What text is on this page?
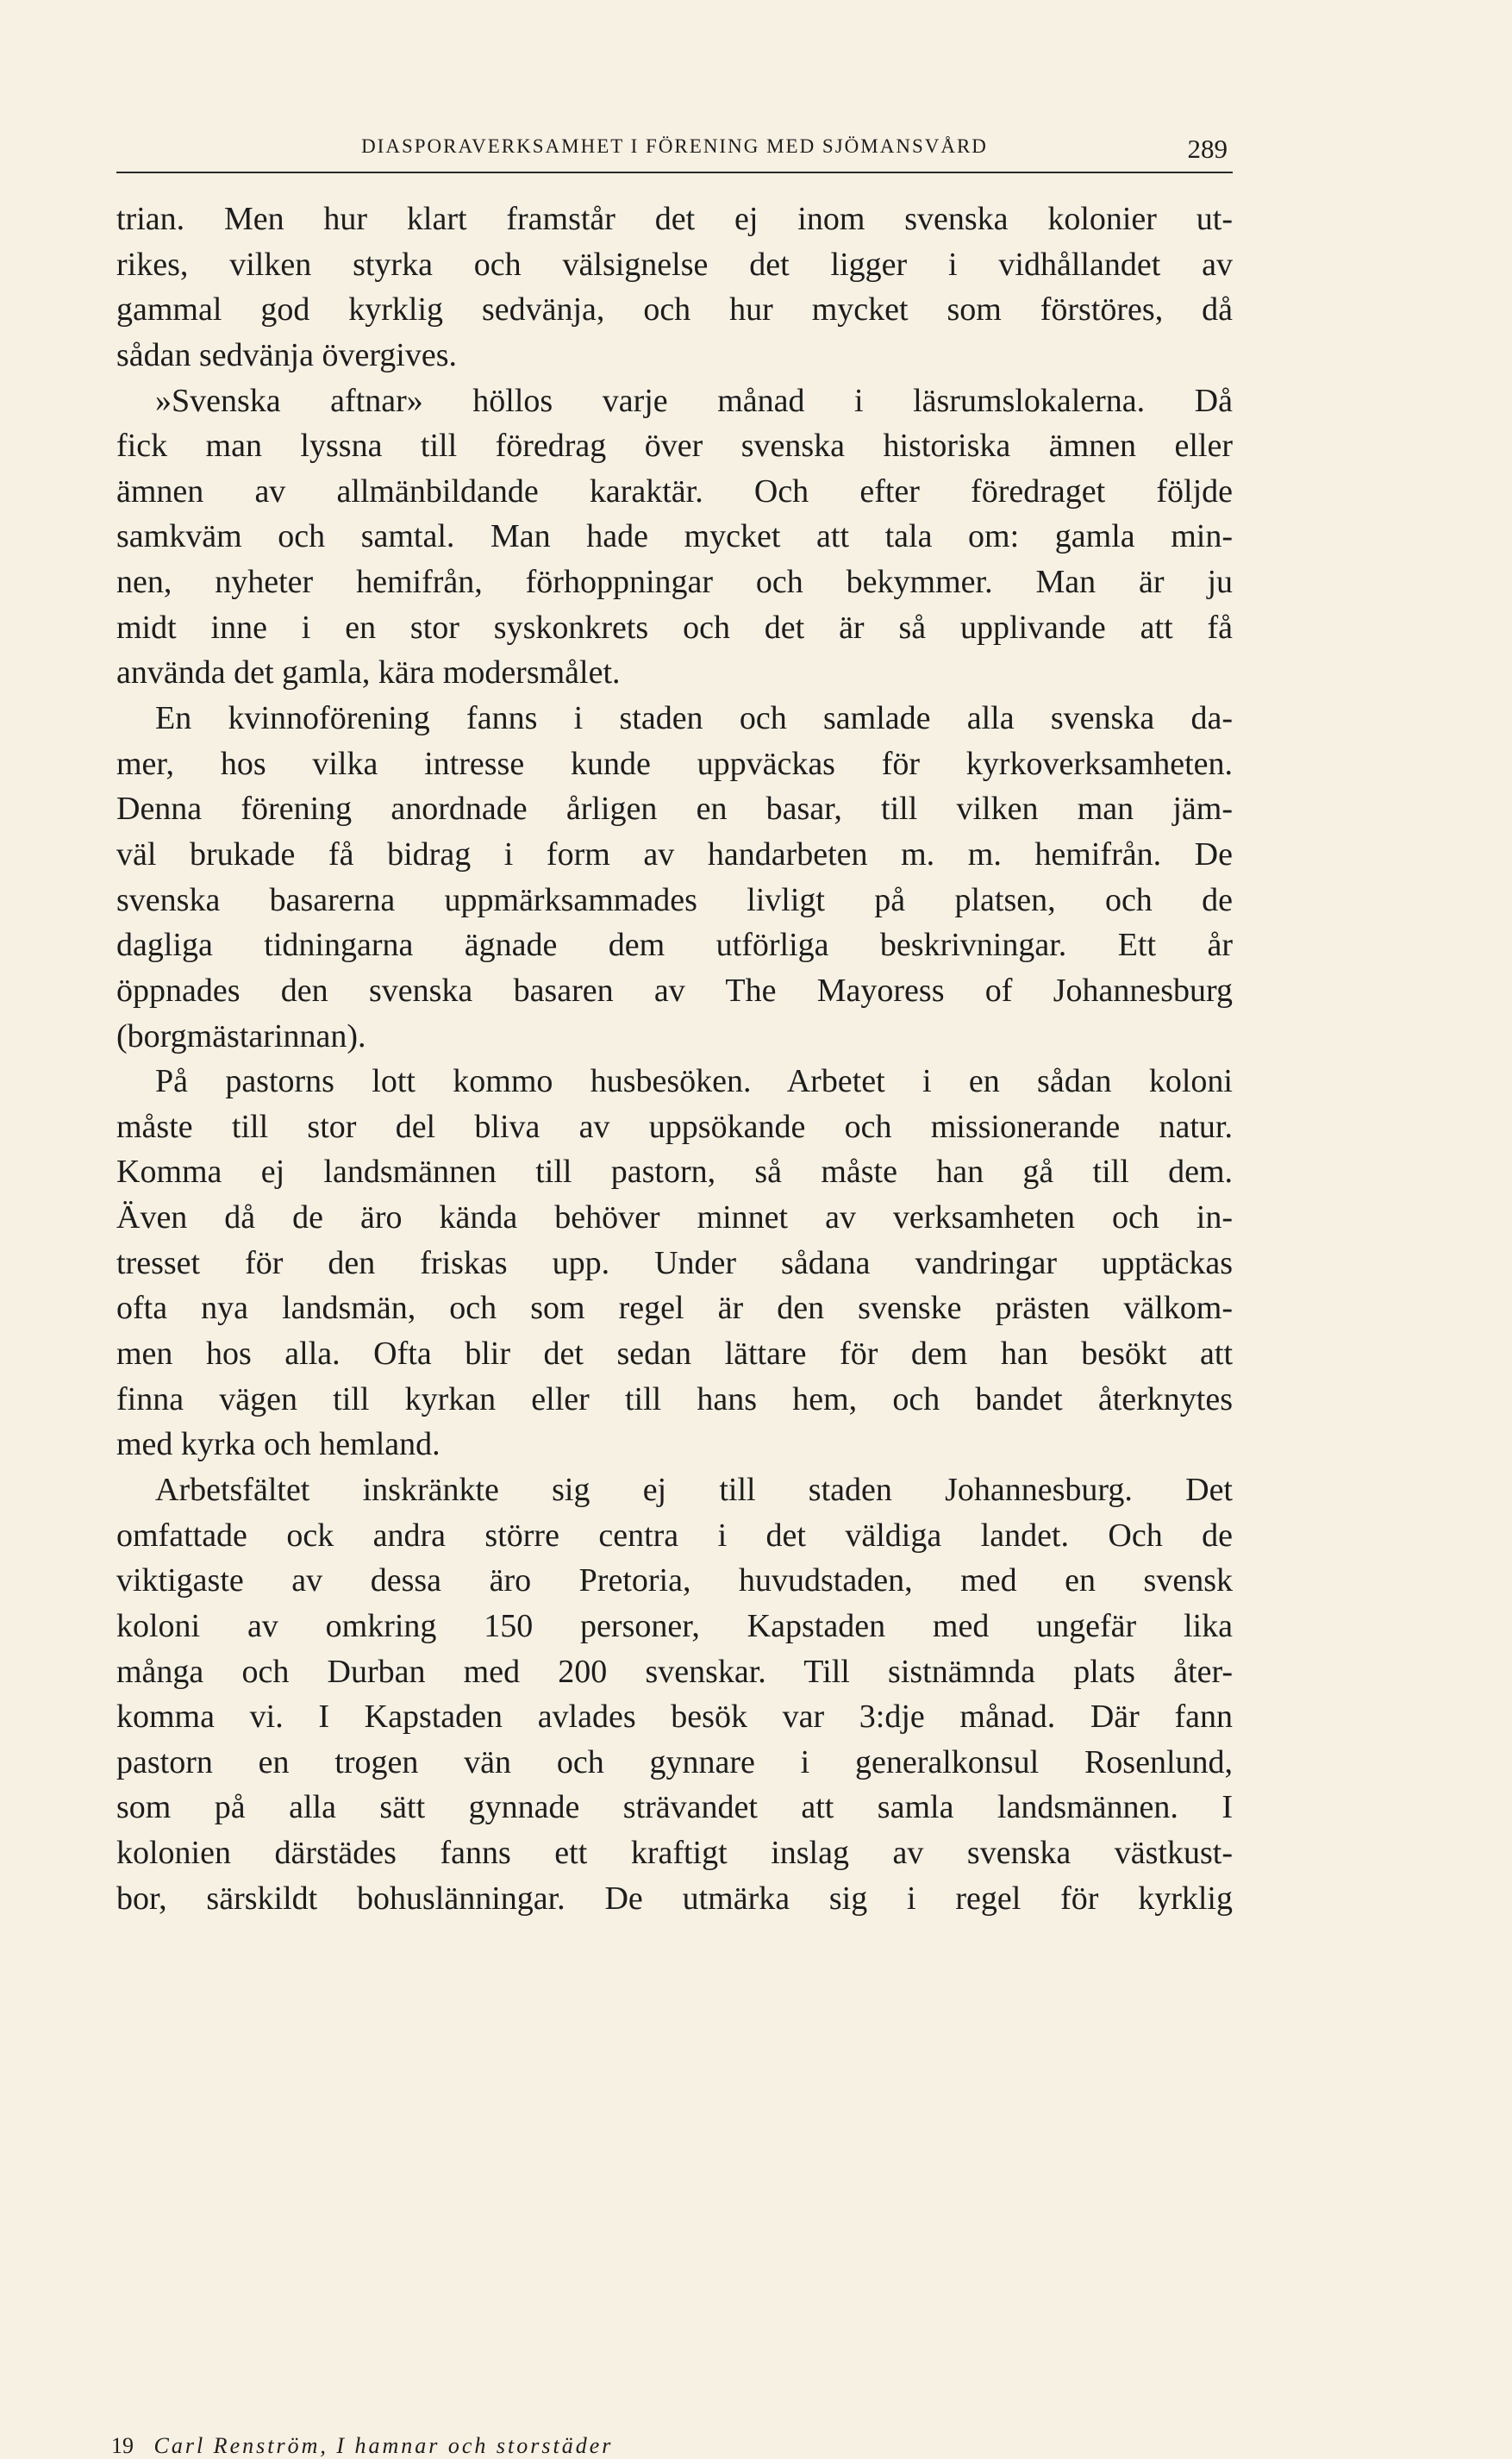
DIASPORAVERKSAMHET I FÖRENING MED SJÖMANSVÅRD	289
trian. Men hur klart framstår det ej inom svenska kolonier ut-
rikes, vilken styrka och välsignelse det ligger i vidhållandet av
gammal god kyrklig sedvänja, och hur mycket som förstöres, då
sådan sedvänja övergives.
»Svenska aftnar» höllos varje månad i läsrumslokalerna. Då
fick man lyssna till föredrag över svenska historiska ämnen eller
ämnen av allmänbildande karaktär. Och efter föredraget följde
samkväm och samtal. Man hade mycket att tala om: gamla min-
nen, nyheter hemifrån, förhoppningar och bekymmer. Man är ju
midt inne i en stor syskonkrets och det är så upplivande att få
använda det gamla, kära modersmålet.
En kvinnoförening fanns i staden och samlade alla svenska da-
mer, hos vilka intresse kunde uppväckas för kyrkoverksamheten.
Denna förening anordnade årligen en basar, till vilken man jäm-
väl brukade få bidrag i form av handarbeten m. m. hemifrån. De
svenska basarerna uppmärksammades livligt på platsen, och de
dagliga tidningarna ägnade dem utförliga beskrivningar. Ett år
öppnades den svenska basaren av The Mayoress of Johannesburg
(borgmästarinnan).
På pastorns lott kommo husbesöken. Arbetet i en sådan koloni
måste till stor del bliva av uppsökande och missionerande natur.
Komma ej landsmännen till pastorn, så måste han gå till dem.
Även då de äro kända behöver minnet av verksamheten och in-
tresset för den friskas upp. Under sådana vandringar upptäckas
ofta nya landsmän, och som regel är den svenske prästen välkom-
men hos alla. Ofta blir det sedan lättare för dem han besökt att
finna vägen till kyrkan eller till hans hem, och bandet återknytes
med kyrka och hemland.
Arbetsfältet inskränkte sig ej till staden Johannesburg. Det
omfattade ock andra större centra i det väldiga landet. Och de
viktigaste av dessa äro Pretoria, huvudstaden, med en svensk
koloni av omkring 150 personer, Kapstaden med ungefär lika
många och Durban med 200 svenskar. Till sistnämnda plats åter-
komma vi. I Kapstaden avlades besök var 3:dje månad. Där fann
pastorn en trogen vän och gynnare i generalkonsul Rosenlund,
som på alla sätt gynnade strävandet att samla landsmännen. I
kolonien därstädes fanns ett kraftigt inslag av svenska västkust-
bor, särskildt bohuslänningar. De utmärka sig i regel för kyrklig
19 Carl Renström, I hamnar och storstäder
